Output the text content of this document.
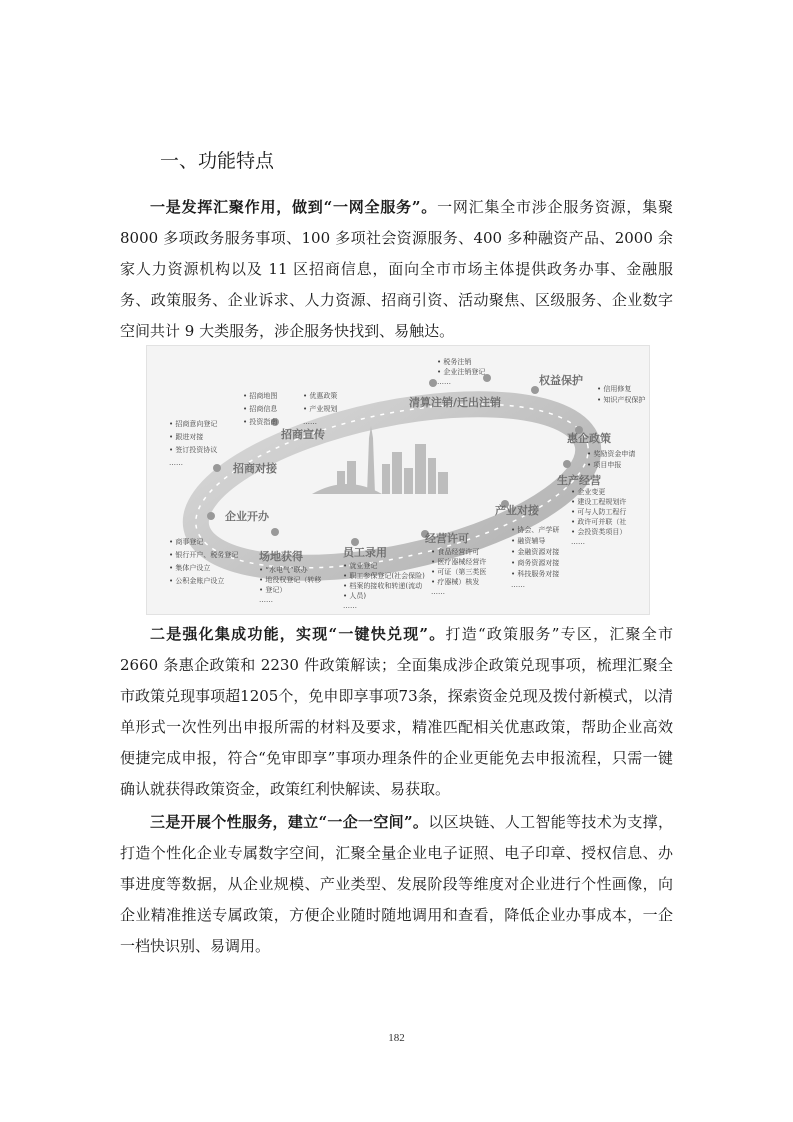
一、功能特点

一是发挥汇聚作用，做到“一网全服务”。一网汇集全市涉企服务资源，集聚 8000 多项政务服务事项、100 多项社会资源服务、400 多种融资产品、2000 余家人力资源机构以及 11 区招商信息，面向全市市场主体提供政务办事、金融服务、政策服务、企业诉求、人力资源、招商引资、活动聚焦、区级服务、企业数字空间共计 9 大类服务，涉企服务快找到、易触达。

清算注销/迁出注销
权益保护
惠企政策
生产经营
产业对接
经营许可
员工录用
场地获得
企业开办
招商对接
招商宣传
• 税务注销
• 企业注销登记
……
• 信用修复
• 知识产权保护
• 奖励资金申请
• 项目申报
• 企业变更
• 建设工程规划许
• 可与人防工程行
• 政许可并联（社
• 会投资类项目）
……
• 协会、产学研
• 融资辅导
• 金融资源对接
• 商务资源对接
• 科技服务对接
……
• 食品经营许可
• 医疗器械经营许
• 可证（第三类医
• 疗器械）核发
……
• 就业登记
• 职工参保登记(社会保险)
• 档案的接收和转递(流动
• 人员)
……
• “水电气”联办
• 地役权登记（转移
• 登记）
……
• 商事登记
• 银行开户、税务登记
• 集体户设立
• 公积金账户设立
• 招商意向登记
• 跟进对接
• 签订投资协议
……
• 招商地图
• 招商信息
• 投资指南
• 优惠政策
• 产业规划
……

二是强化集成功能，实现“一键快兑现”。打造“政策服务”专区，汇聚全市 2660 条惠企政策和 2230 件政策解读；全面集成涉企政策兑现事项，梳理汇聚全市政策兑现事项超1205个，免申即享事项73条，探索资金兑现及拨付新模式，以清单形式一次性列出申报所需的材料及要求，精准匹配相关优惠政策，帮助企业高效便捷完成申报，符合“免审即享”事项办理条件的企业更能免去申报流程，只需一键确认就获得政策资金，政策红利快解读、易获取。

三是开展个性服务，建立“一企一空间”。以区块链、人工智能等技术为支撑，打造个性化企业专属数字空间，汇聚全量企业电子证照、电子印章、授权信息、办事进度等数据，从企业规模、产业类型、发展阶段等维度对企业进行个性画像，向企业精准推送专属政策，方便企业随时随地调用和查看，降低企业办事成本，一企一档快识别、易调用。

182
